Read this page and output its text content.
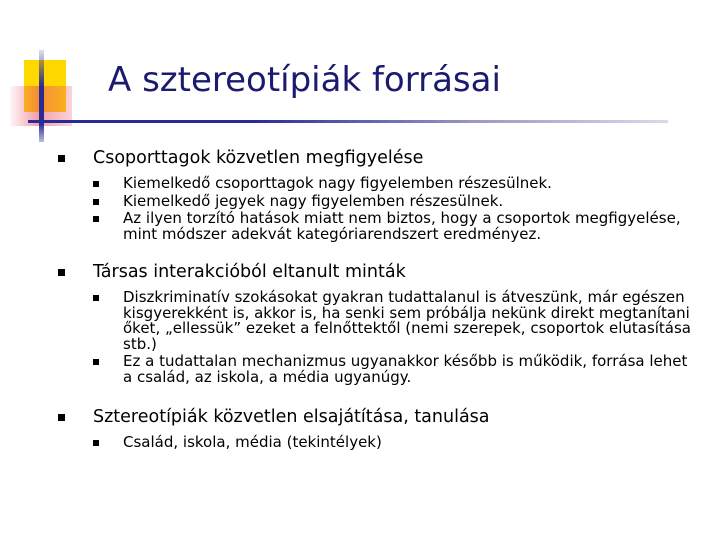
A sztereotípiák forrásai
Csoporttagok közvetlen megfigyelése
Kiemelkedő csoporttagok nagy figyelemben részesülnek.
Kiemelkedő jegyek nagy figyelemben részesülnek.
Az ilyen torzító hatások miatt nem biztos, hogy a csoportok megfigyelése, mint módszer adekvát kategóriarendszert eredményez.
Társas interakcióból eltanult minták
Diszkriminatív szokásokat gyakran tudattalanul is átveszünk, már egészen kisgyerekként is, akkor is, ha senki sem próbálja nekünk direkt megtanítani őket, „ellessük” ezeket a felnőttektől (nemi szerepek, csoportok elutasítása stb.)
Ez a tudattalan mechanizmus ugyanakkor később is működik, forrása lehet a család, az iskola, a média ugyanúgy.
Sztereotípiák közvetlen elsajátítása, tanulása
Család, iskola, média (tekintélyek)
